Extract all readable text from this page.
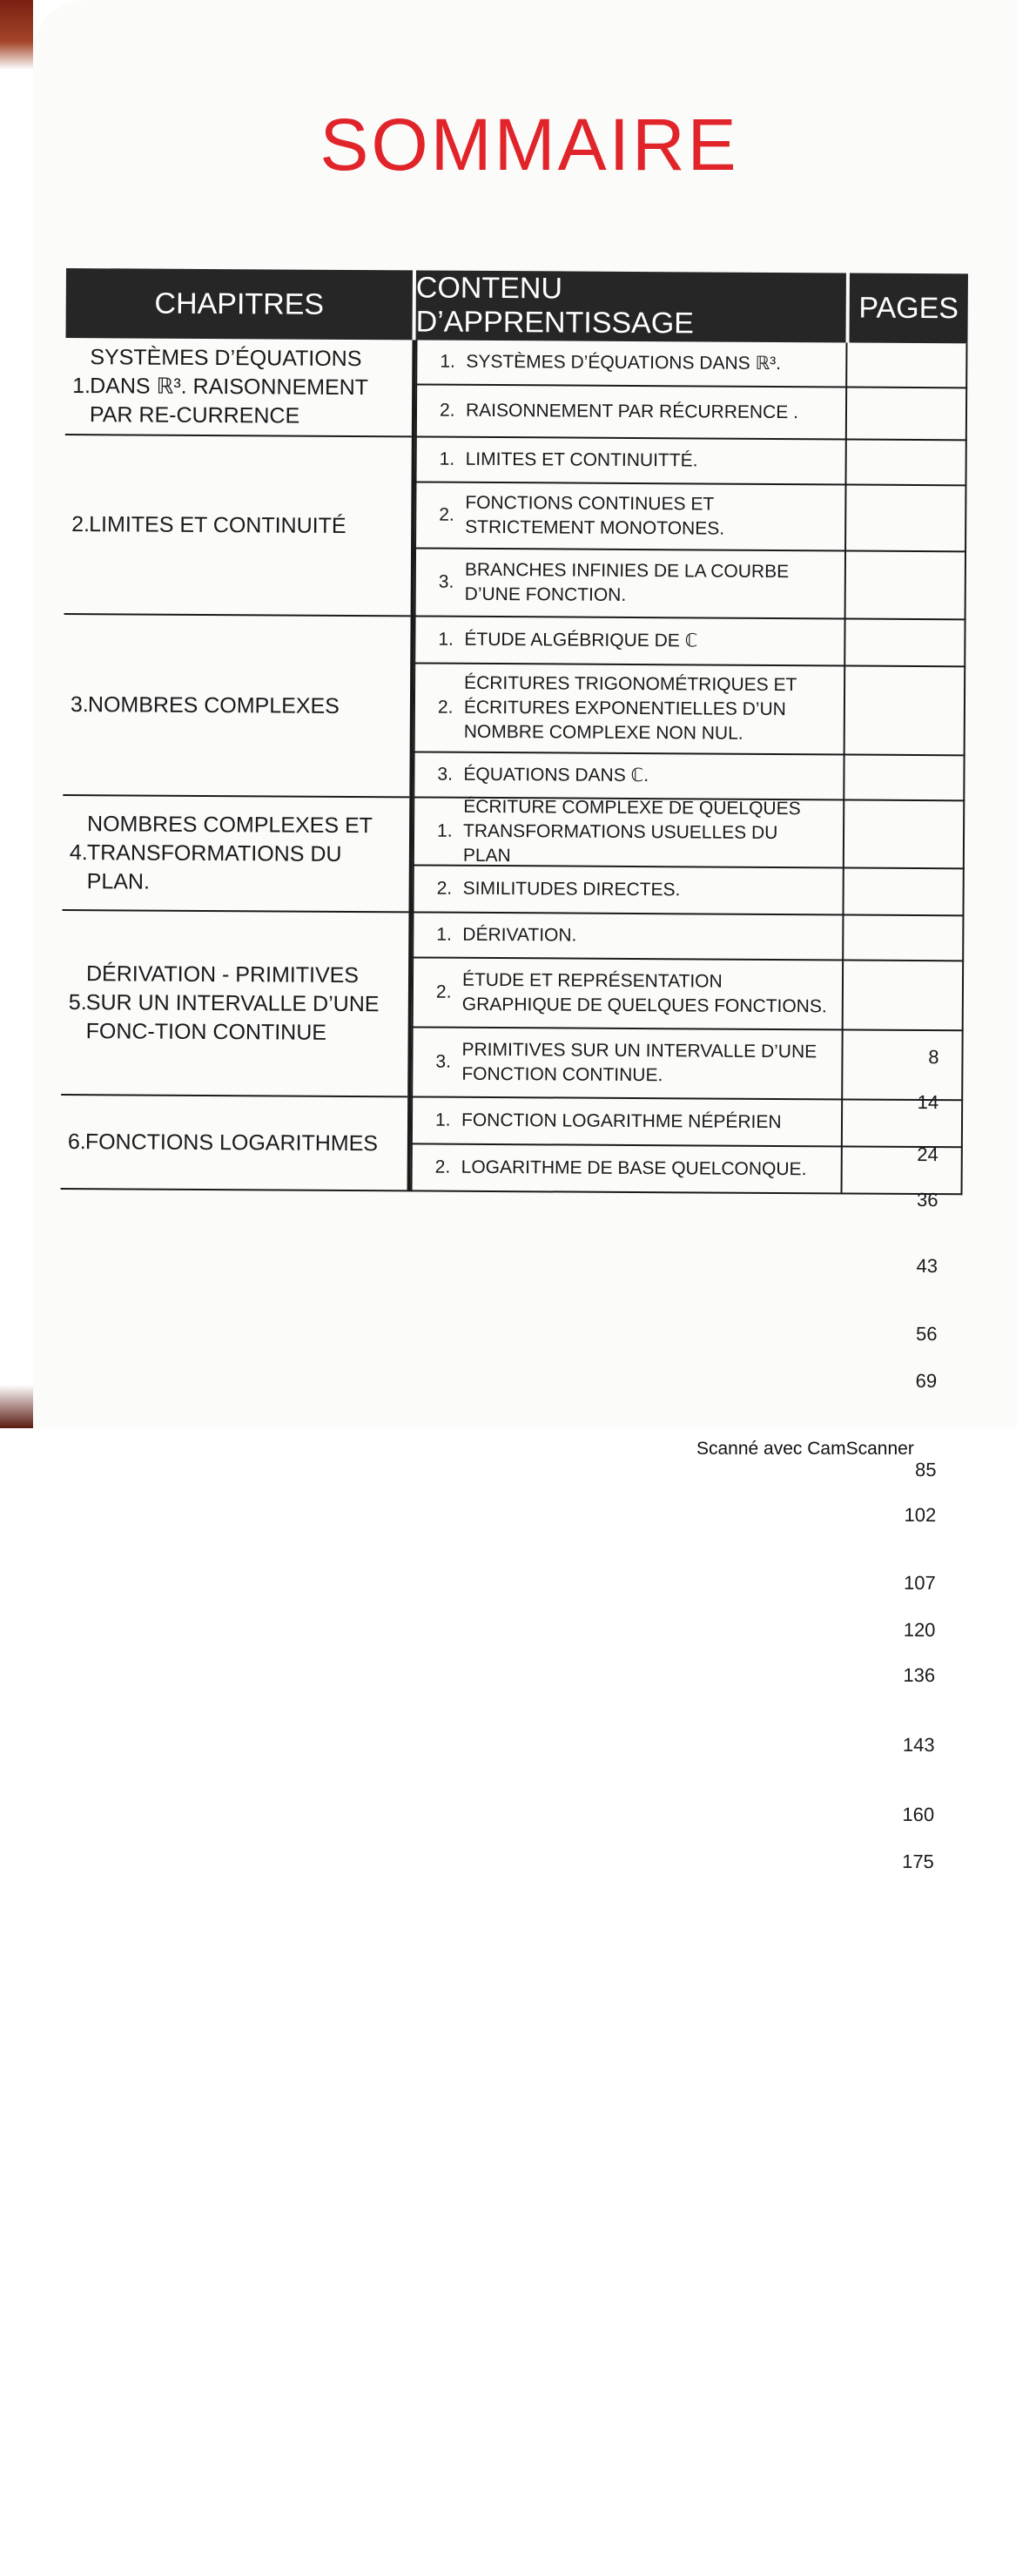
SOMMAIRE
CHAPITRES	CONTENU D’APPRENTISSAGE	PAGES
1.
SYSTÈMES D’ÉQUATIONS DANS ℝ³. RAISONNEMENT PAR RE-CURRENCE
2.
LIMITES ET CONTINUITÉ
3.
NOMBRES COMPLEXES
4.
NOMBRES COMPLEXES ET TRANSFORMATIONS DU PLAN.
5.
DÉRIVATION - PRIMITIVES SUR UN INTERVALLE D’UNE FONC-TION CONTINUE
6.
FONCTIONS LOGARITHMES
1. SYSTÈMES D’ÉQUATIONS DANS ℝ³.
8
2. RAISONNEMENT PAR RÉCURRENCE .
14
1. LIMITES ET CONTINUITTÉ.
24
2.
FONCTIONS CONTINUES ET STRICTEMENT MONOTONES.
36
3.
BRANCHES INFINIES DE LA COURBE D’UNE FONCTION.
43
1. ÉTUDE ALGÉBRIQUE DE ℂ
56
2.
ÉCRITURES TRIGONOMÉTRIQUES ET ÉCRITURES EXPONENTIELLES D’UN NOMBRE COMPLEXE NON NUL.
69
3. ÉQUATIONS DANS ℂ.
85
1.
ÉCRITURE COMPLEXE DE QUELQUES TRANSFORMATIONS USUELLES DU PLAN
102
2. SIMILITUDES DIRECTES.
107
1. DÉRIVATION.
120
2.
ÉTUDE ET REPRÉSENTATION GRAPHIQUE DE QUELQUES FONCTIONS.
136
3. PRIMITIVES SUR UN INTERVALLE D’UNE FONCTION CONTINUE.
143
1. FONCTION LOGARITHME NÉPÉRIEN
160
2. LOGARITHME DE BASE QUELCONQUE.
175
Scanné avec CamScanner
